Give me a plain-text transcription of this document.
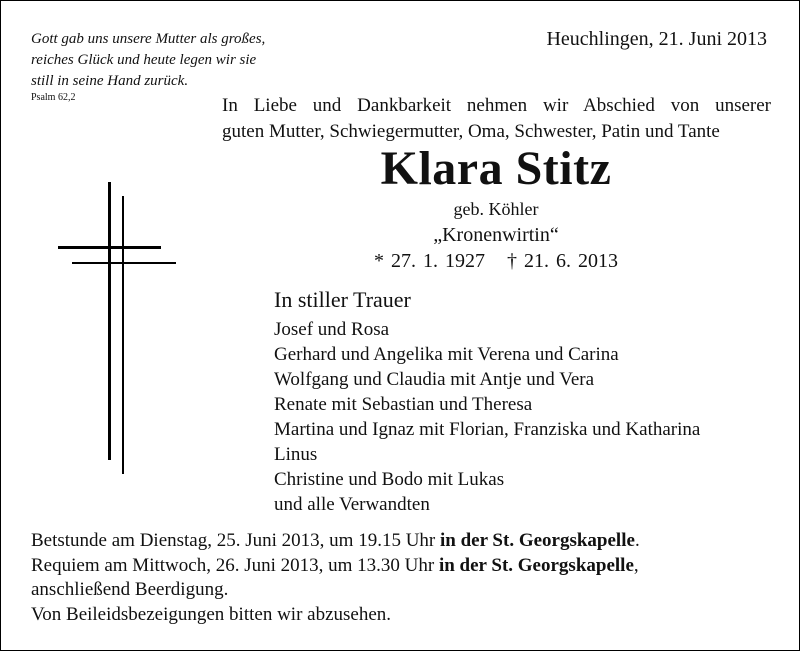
Gott gab uns unsere Mutter als großes,
reiches Glück und heute legen wir sie
still in seine Hand zurück.
Psalm 62,2
Heuchlingen, 21. Juni 2013
In Liebe und Dankbarkeit nehmen wir Abschied von unserer
guten Mutter, Schwiegermutter, Oma, Schwester, Patin und Tante
Klara Stitz
geb. Köhler
„Kronenwirtin“
* 27. 1. 1927 † 21. 6. 2013
In stiller Trauer
Josef und Rosa
Gerhard und Angelika mit Verena und Carina
Wolfgang und Claudia mit Antje und Vera
Renate mit Sebastian und Theresa
Martina und Ignaz mit Florian, Franziska und Katharina
Linus
Christine und Bodo mit Lukas
und alle Verwandten
Betstunde am Dienstag, 25. Juni 2013, um 19.15 Uhr in der St. Georgskapelle.
Requiem am Mittwoch, 26. Juni 2013, um 13.30 Uhr in der St. Georgskapelle,
anschließend Beerdigung.
Von Beileidsbezeigungen bitten wir abzusehen.
